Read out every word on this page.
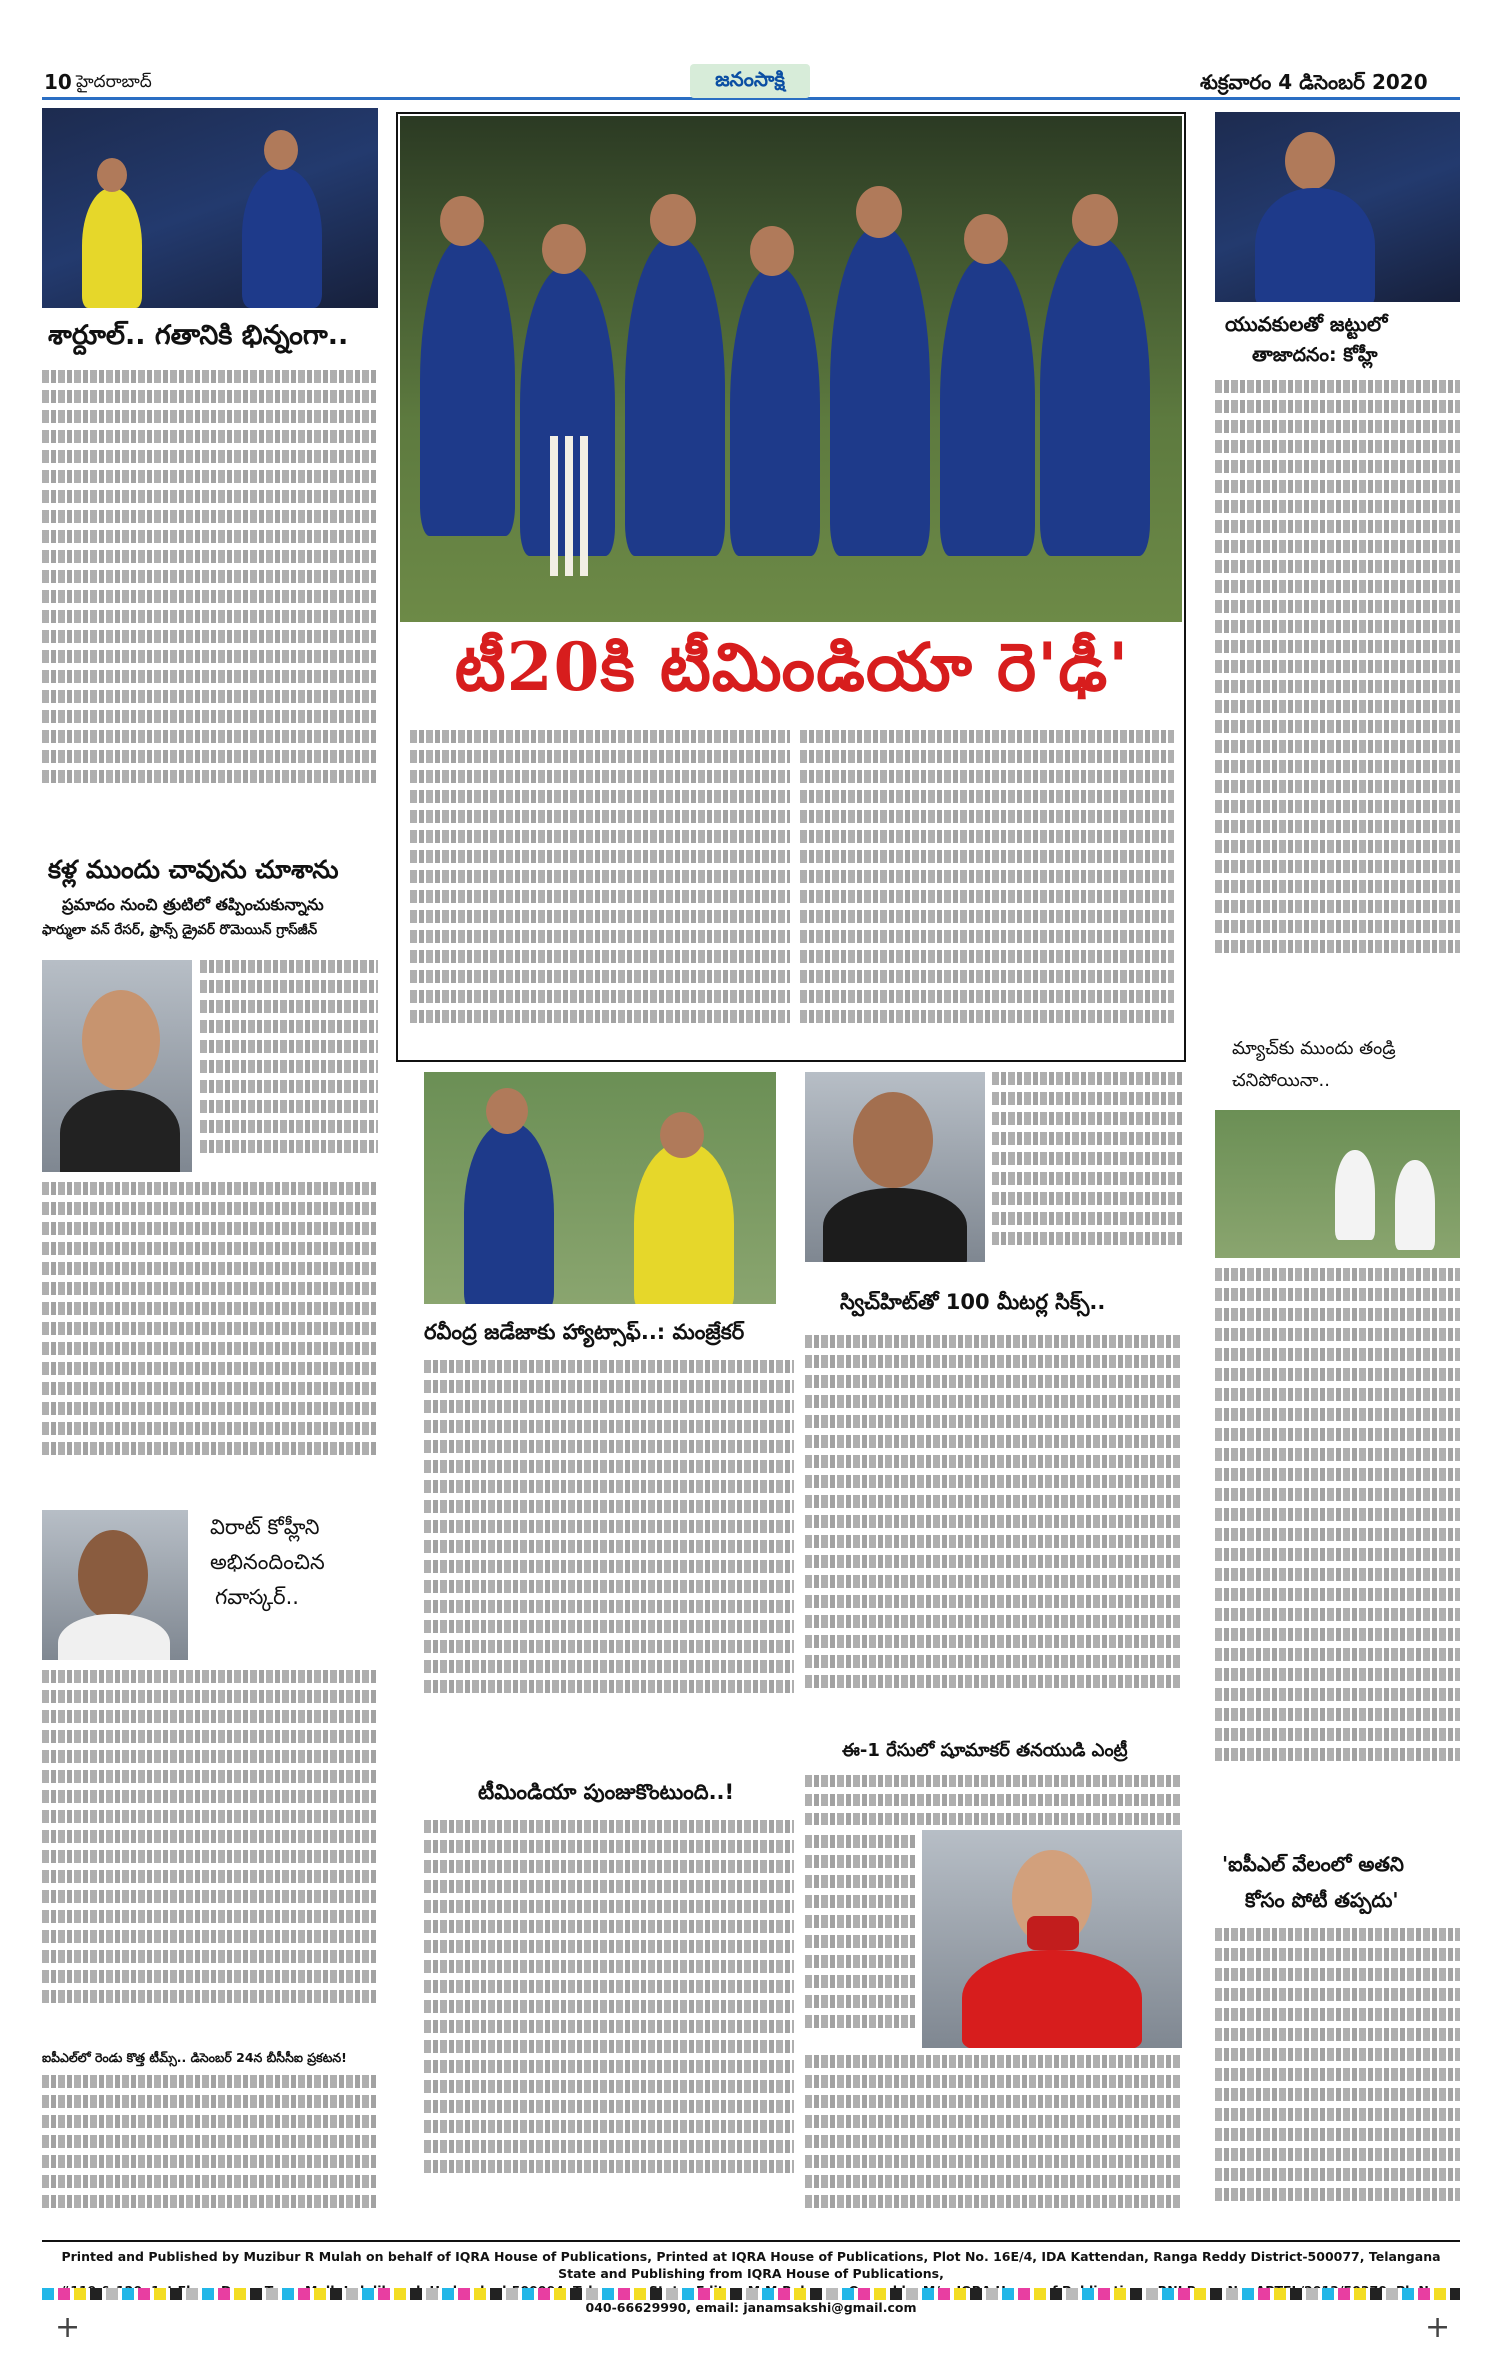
10 హైదరాబాద్	జనంసాక్షి	శుక్రవారం 4 డిసెంబర్ 2020
శార్దూల్.. గతానికి భిన్నంగా..
కళ్ల ముందు చావును చూశాను
ప్రమాదం నుంచి త్రుటిలో తప్పించుకున్నాను
ఫార్ములా వన్‌ రేసర్‌, ఫ్రాన్స్‌ డ్రైవర్‌ రొమెయిన్‌ గ్రాస్‌జీన్‌
విరాట్‌ కోహ్లీని
అభినందించిన
గవాస్కర్‌..
ఐపీఎల్‌లో రెండు కొత్త టీమ్స్‌.. డిసెంబర్‌ 24న బీసీసీఐ ప్రకటన!
టీ20కి టీమిండియా రె'ఢీ'
రవీంద్ర జడేజాకు హ్యాట్సాఫ్‌..: మంజ్రేకర్‌
టీమిండియా పుంజుకొంటుంది..!
స్విచ్‌హిట్‌తో 100 మీటర్ల సిక్స్‌..
ఈ-1 రేసులో షూమాకర్‌ తనయుడి ఎంట్రీ
యువకులతో జట్టులో
తాజాదనం: కోహ్లీ
మ్యాచ్‌కు ముందు తండ్రి
చనిపోయినా..
'ఐపీఎల్‌ వేలంలో అతని
కోసం పోటీ తప్పదు'
Printed and Published by Muzibur R Mulah on behalf of IQRA House of Publications, Printed at IQRA House of Publications, Plot No. 16E/4, IDA Kattendan, Ranga Reddy District-500077, Telangana State and Publishing from IQRA House of Publications,
040-66629990, email: janamsakshi@gmail.com
+	+
